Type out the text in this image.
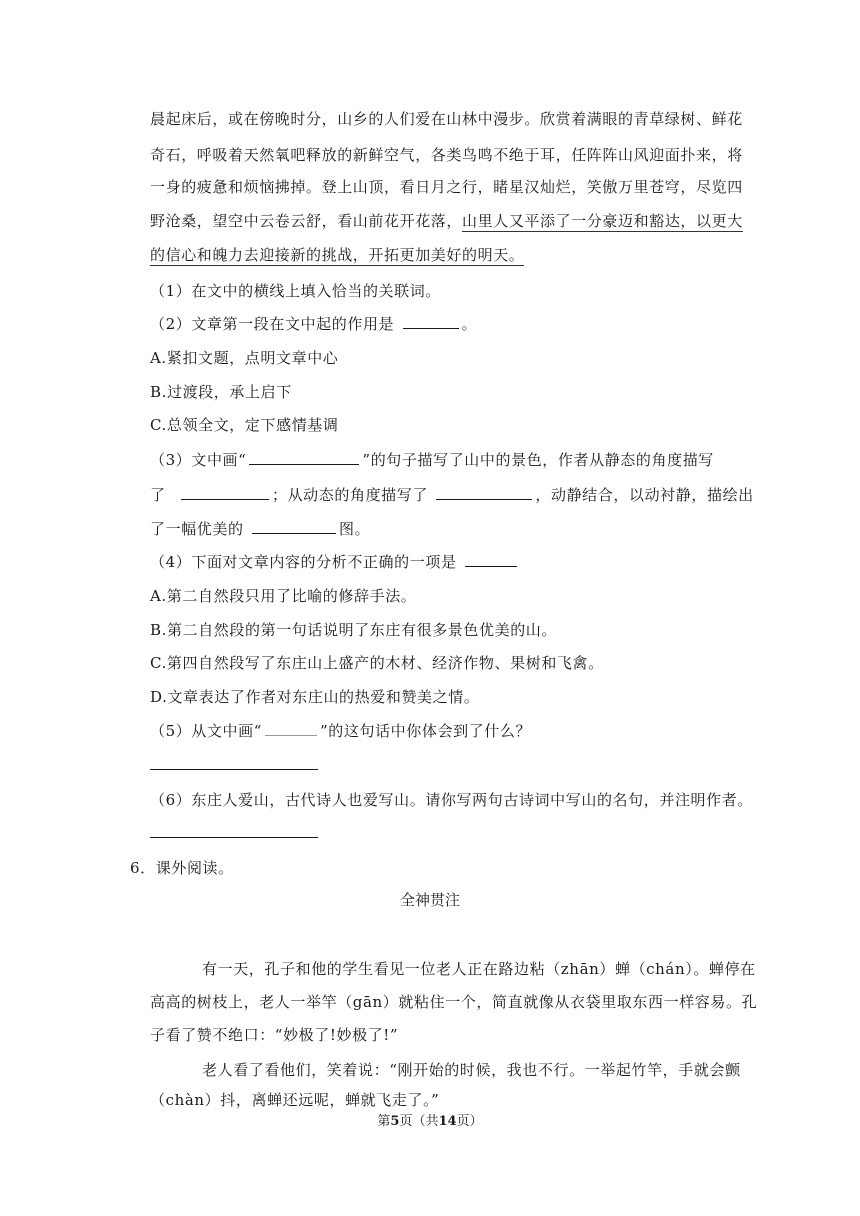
晨起床后，或在傍晚时分，山乡的人们爱在山林中漫步。欣赏着满眼的青草绿树、鲜花
奇石，呼吸着天然氧吧释放的新鲜空气，各类鸟鸣不绝于耳，任阵阵山风迎面扑来，将
一身的疲惫和烦恼拂掉。登上山顶，看日月之行，睹星汉灿烂，笑傲万里苍穹，尽览四
野沧桑，望空中云卷云舒，看山前花开花落，山里人又平添了一分豪迈和豁达，以更大
的信心和魄力去迎接新的挑战，开拓更加美好的明天。
（1）在文中的横线上填入恰当的关联词。
（2）文章第一段在文中起的作用是	。
A.紧扣文题，点明文章中心
B.过渡段，承上启下
C.总领全文，定下感情基调
（3）文中画“	”的句子描写了山中的景色，作者从静态的角度描写
了	；从动态的角度描写了	，动静结合，以动衬静，描绘出
了一幅优美的	图。
（4）下面对文章内容的分析不正确的一项是
A.第二自然段只用了比喻的修辞手法。
B.第二自然段的第一句话说明了东庄有很多景色优美的山。
C.第四自然段写了东庄山上盛产的木材、经济作物、果树和飞禽。
D.文章表达了作者对东庄山的热爱和赞美之情。
（5）从文中画“	”的这句话中你体会到了什么？
（6）东庄人爱山，古代诗人也爱写山。请你写两句古诗词中写山的名句，并注明作者。
6．课外阅读。
全神贯注
有一天，孔子和他的学生看见一位老人正在路边粘（zhān）蝉（chán）。蝉停在
高高的树枝上，老人一举竿（gān）就粘住一个，简直就像从衣袋里取东西一样容易。孔
子看了赞不绝口：“妙极了!妙极了!”
老人看了看他们，笑着说：“刚开始的时候，我也不行。一举起竹竿，手就会颤
（chàn）抖，离蝉还远呢，蝉就飞走了。”
第5页（共14页）
